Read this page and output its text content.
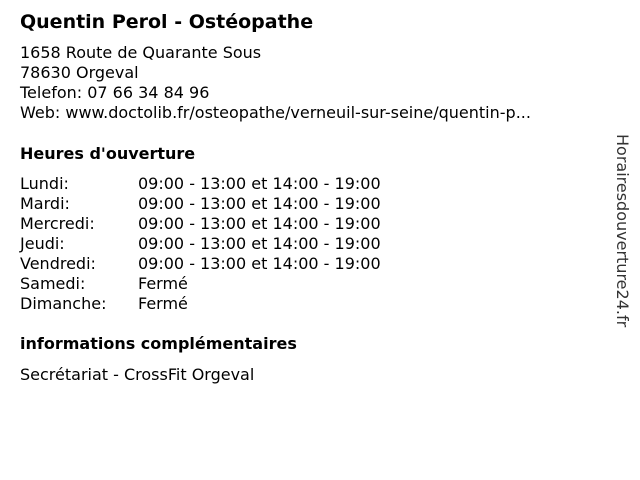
Quentin Perol - Ostéopathe
1658 Route de Quarante Sous
78630 Orgeval
Telefon: 07 66 34 84 96
Web: www.doctolib.fr/osteopathe/verneuil-sur-seine/quentin-p...
Heures d'ouverture
Lundi:	09:00 - 13:00 et 14:00 - 19:00
Mardi:	09:00 - 13:00 et 14:00 - 19:00
Mercredi:	09:00 - 13:00 et 14:00 - 19:00
Jeudi:	09:00 - 13:00 et 14:00 - 19:00
Vendredi:	09:00 - 13:00 et 14:00 - 19:00
Samedi:	Fermé
Dimanche: Fermé
informations complémentaires
Secrétariat - CrossFit Orgeval
Horairesdouverture24.fr
